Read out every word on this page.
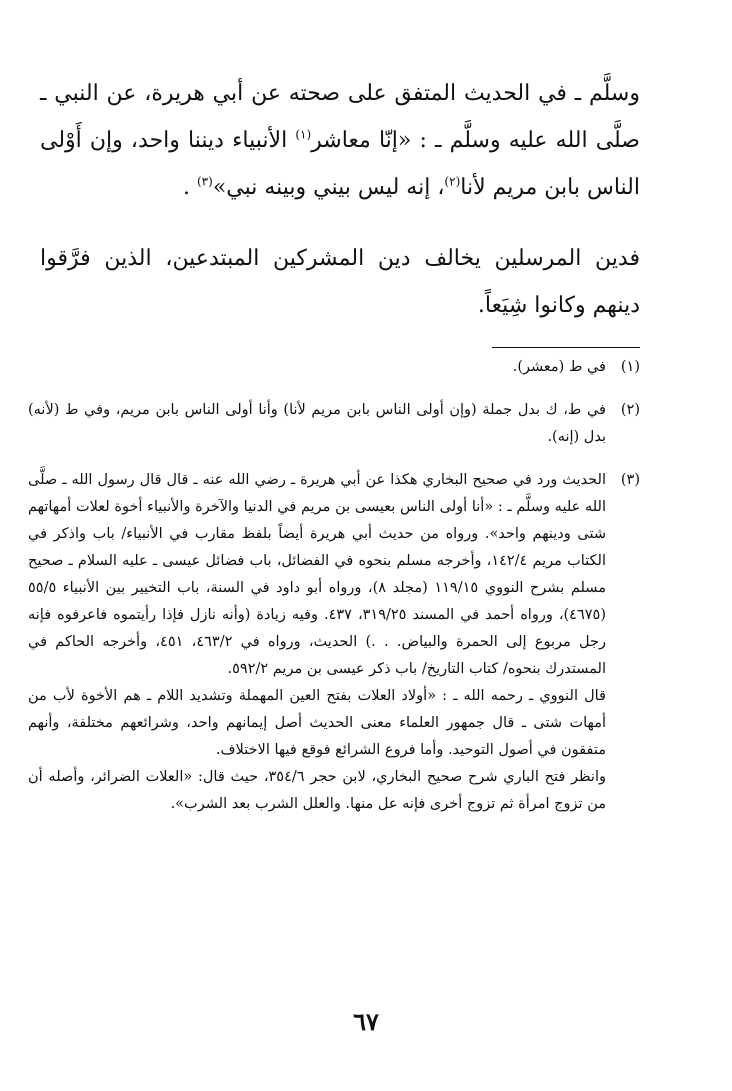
وسلَّم ـ في الحديث المتفق على صحته عن أبي هريرة، عن النبي ـ صلَّى الله عليه وسلَّم ـ : «إنّا معاشر$^{(١)}$ الأنبياء ديننا واحد، وإن أَوْلى الناس بابن مريم لأنا$^{(٢)}$، إنه ليس بيني وبينه نبي»$^{(٣)}$ .

فدين المرسلين يخالف دين المشركين المبتدعين، الذين فرَّقوا دينهم وكانوا شِيَعاً.

(١)
في ط (معشر).
(٢)
في ط، ك بدل جملة (وإن أولى الناس بابن مريم لأنا) وأنا أولى الناس بابن مريم، وفي ط (لأنه) بدل (إنه).
(٣)

الحديث ورد في صحيح البخاري هكذا عن أبي هريرة ـ رضي الله عنه ـ قال قال رسول الله ـ صلَّى الله عليه وسلَّم ـ : «أنا أولى الناس بعيسى بن مريم في الدنيا والآخرة والأنبياء أخوة لعلات أمهاتهم شتى ودينهم واحد». ورواه من حديث أبي هريرة أيضاً بلفظ مقارب في الأنبياء/ باب واذكر في الكتاب مريم ١٤٢/٤، وأخرجه مسلم بنحوه في الفضائل، باب فضائل عيسى ـ عليه السلام ـ صحيح مسلم بشرح النووي ١١٩/١٥ (مجلد ٨)، ورواه أبو داود في السنة، باب التخيير بين الأنبياء ٥٥/٥ (٤٦٧٥)، ورواه أحمد في المسند ٣١٩/٢٥، ٤٣٧. وفيه زيادة (وأنه نازل فإذا رأيتموه فاعرفوه فإنه رجل مربوع إلى الحمرة والبياض. . .) الحديث، ورواه في ٤٦٣/٢، ٤٥١، وأخرجه الحاكم في المستدرك بنحوه/ كتاب التاريخ/ باب ذكر عيسى بن مريم ٥٩٢/٢.

قال النووي ـ رحمه الله ـ : «أولاد العلات بفتح العين المهملة وتشديد اللام ـ هم الأخوة لأب من أمهات شتى ـ قال جمهور العلماء معنى الحديث أصل إيمانهم واحد، وشرائعهم مختلفة، وأنهم متفقون في أصول التوحيد. وأما فروع الشرائع فوقع فيها الاختلاف.

وانظر فتح الباري شرح صحيح البخاري، لابن حجر ٣٥٤/٦، حيث قال: «العلات الضرائر، وأصله أن من تزوج امرأة ثم تزوج أخرى فإنه عل منها. والعلل الشرب بعد الشرب».

٦٧
